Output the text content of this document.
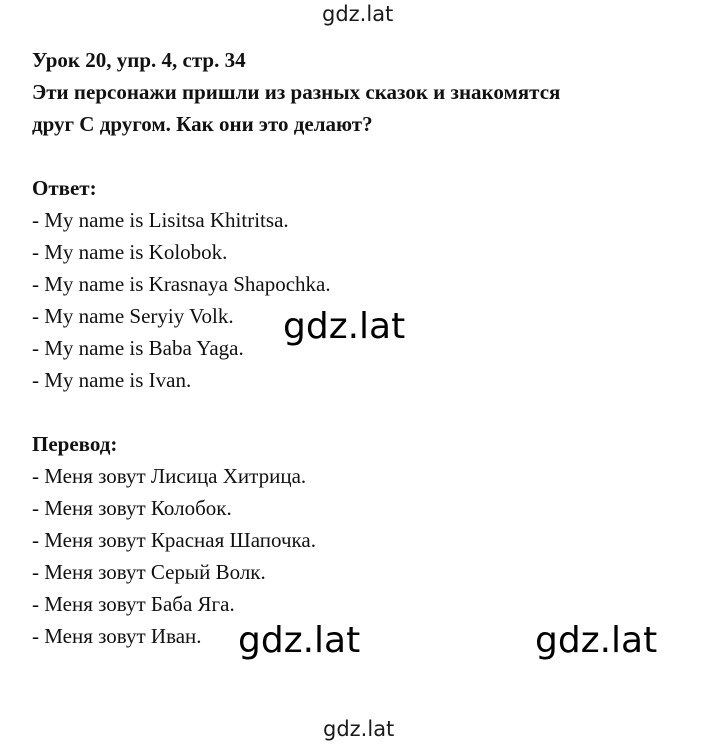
gdz.lat

Урок 20, упр. 4, стр. 34

Эти персонажи пришли из разных сказок и знакомятся

друг С другом. Как они это делают?

Ответ:

- My name is Lisitsa Khitritsa.
- My name is Kolobok.
- My name is Krasnaya Shapochka.
- My name Seryiy Volk.
- My name is Baba Yaga.
- My name is Ivan.

Перевод:

- Меня зовут Лисица Хитрица.
- Меня зовут Колобок.
- Меня зовут Красная Шапочка.
- Меня зовут Серый Волк.
- Меня зовут Баба Яга.
- Меня зовут Иван.
gdz.lat
gdz.lat	gdz.lat
gdz.lat
